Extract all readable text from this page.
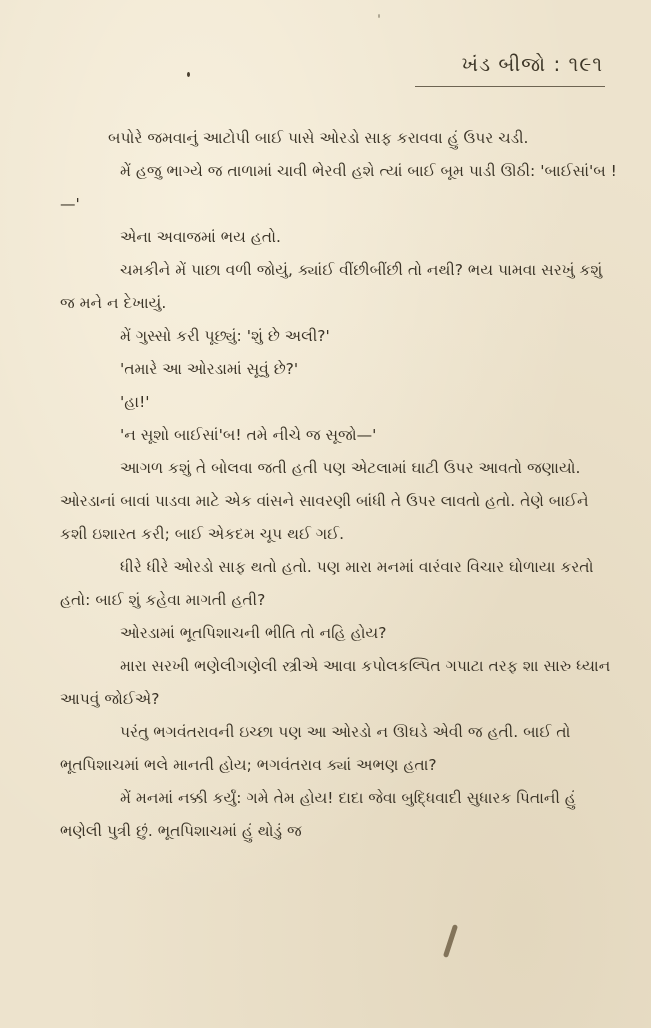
ખંડ બીજો : ૧૯૧

બપોરે જમવાનું આટોપી બાઈ પાસે ઓરડો સાફ કરાવવા હું ઉપર ચડી.

મેં હજુ ભાગ્યે જ તાળામાં ચાવી ભેરવી હશે ત્યાં બાઈ બૂમ પાડી ઊઠી: 'બાઈસાં'બ !—'

એના અવાજમાં ભય હતો.

ચમકીને મેં પાછા વળી જોયું, ક્યાંઈ વીંછીબીંછી તો નથી? ભય પામવા સરખું કશું જ મને ન દેખાયું.

મેં ગુસ્સો કરી પૂછ્યું: 'શું છે અલી?'

'તમારે આ ઓરડામાં સૂવું છે?'

'હા!'

'ન સૂશો બાઈસાં'બ! તમે નીચે જ સૂજો—'

આગળ કશું તે બોલવા જતી હતી પણ એટલામાં ઘાટી ઉપર આવતો જણાયો. ઓરડાનાં બાવાં પાડવા માટે એક વાંસને સાવરણી બાંધી તે ઉપર લાવતો હતો. તેણે બાઈને કશી ઇશારત કરી; બાઈ એકદમ ચૂપ થઈ ગઈ.

ધીરે ધીરે ઓરડો સાફ થતો હતો. પણ મારા મનમાં વારંવાર વિચાર ઘોળાયા કરતો હતો: બાઈ શું કહેવા માગતી હતી?

ઓરડામાં ભૂતપિશાચની ભીતિ તો નહિ હોય?

મારા સરખી ભણેલીગણેલી સ્ત્રીએ આવા કપોલકલ્પિત ગપાટા તરફ શા સારુ ધ્યાન આપવું જોઈએ?

પરંતુ ભગવંતરાવની ઇચ્છા પણ આ ઓરડો ન ઊઘડે એવી જ હતી. બાઈ તો ભૂતપિશાચમાં ભલે માનતી હોય; ભગવંતરાવ ક્યાં અભણ હતા?

મેં મનમાં નક્કી કર્યું: ગમે તેમ હોય! દાદા જેવા બુદ્ધિવાદી સુધારક પિતાની હું ભણેલી પુત્રી છું. ભૂતપિશાચમાં હું થોડું જ
